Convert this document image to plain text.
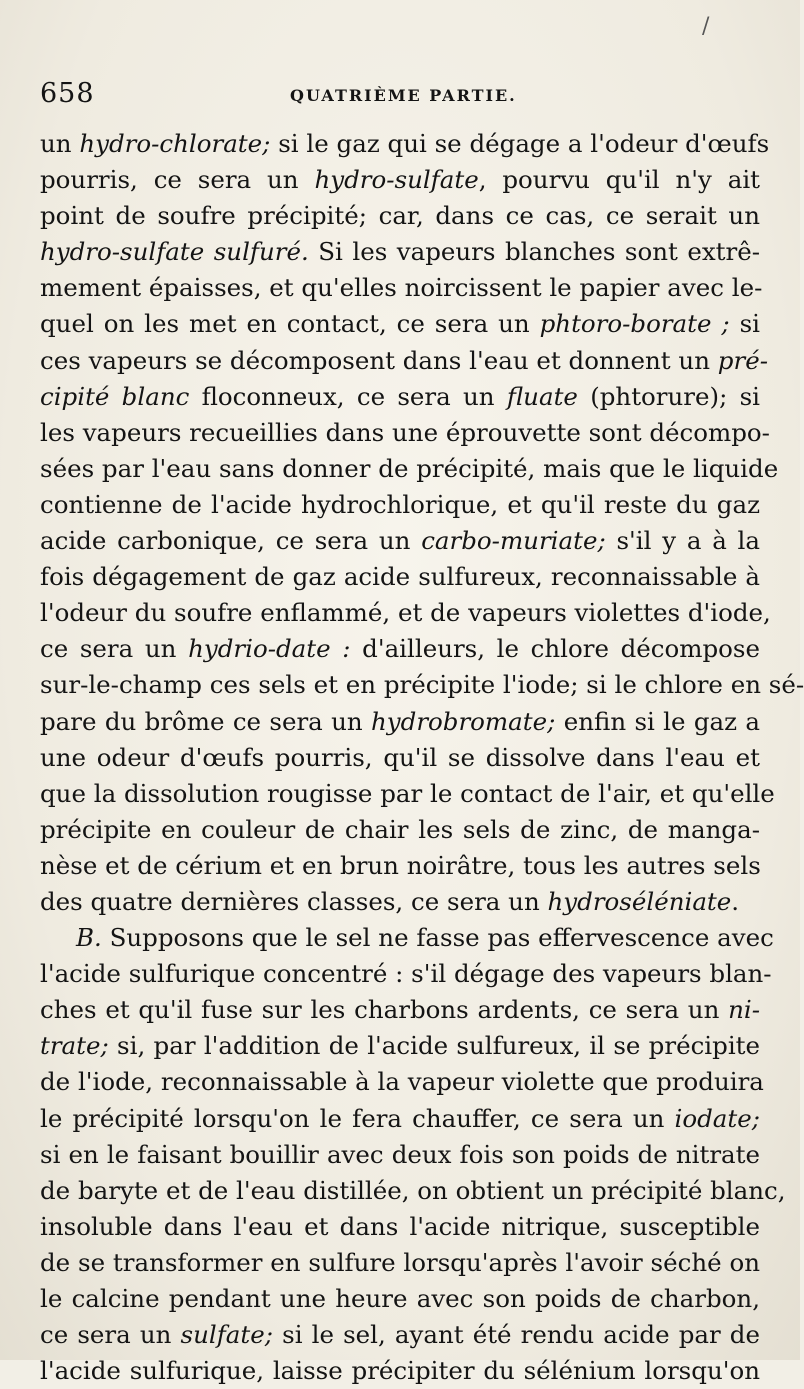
/
658	QUATRIÈME PARTIE.
un hydro-chlorate; si le gaz qui se dégage a l'odeur d'œufs
pourris, ce sera un hydro-sulfate, pourvu qu'il n'y ait
point de soufre précipité; car, dans ce cas, ce serait un
hydro-sulfate sulfuré. Si les vapeurs blanches sont extrê-
mement épaisses, et qu'elles noircissent le papier avec le-
quel on les met en contact, ce sera un phtoro-borate ; si
ces vapeurs se décomposent dans l'eau et donnent un pré-
cipité blanc floconneux, ce sera un fluate (phtorure); si
les vapeurs recueillies dans une éprouvette sont décompo-
sées par l'eau sans donner de précipité, mais que le liquide
contienne de l'acide hydrochlorique, et qu'il reste du gaz
acide carbonique, ce sera un carbo-muriate; s'il y a à la
fois dégagement de gaz acide sulfureux, reconnaissable à
l'odeur du soufre enflammé, et de vapeurs violettes d'iode,
ce sera un hydrio-date : d'ailleurs, le chlore décompose
sur-le-champ ces sels et en précipite l'iode; si le chlore en sé-
pare du brôme ce sera un hydrobromate; enfin si le gaz a
une odeur d'œufs pourris, qu'il se dissolve dans l'eau et
que la dissolution rougisse par le contact de l'air, et qu'elle
précipite en couleur de chair les sels de zinc, de manga-
nèse et de cérium et en brun noirâtre, tous les autres sels
des quatre dernières classes, ce sera un hydroséléniate.
B. Supposons que le sel ne fasse pas effervescence avec
l'acide sulfurique concentré : s'il dégage des vapeurs blan-
ches et qu'il fuse sur les charbons ardents, ce sera un ni-
trate; si, par l'addition de l'acide sulfureux, il se précipite
de l'iode, reconnaissable à la vapeur violette que produira
le précipité lorsqu'on le fera chauffer, ce sera un iodate;
si en le faisant bouillir avec deux fois son poids de nitrate
de baryte et de l'eau distillée, on obtient un précipité blanc,
insoluble dans l'eau et dans l'acide nitrique, susceptible
de se transformer en sulfure lorsqu'après l'avoir séché on
le calcine pendant une heure avec son poids de charbon,
ce sera un sulfate; si le sel, ayant été rendu acide par de
l'acide sulfurique, laisse précipiter du sélénium lorsqu'on
